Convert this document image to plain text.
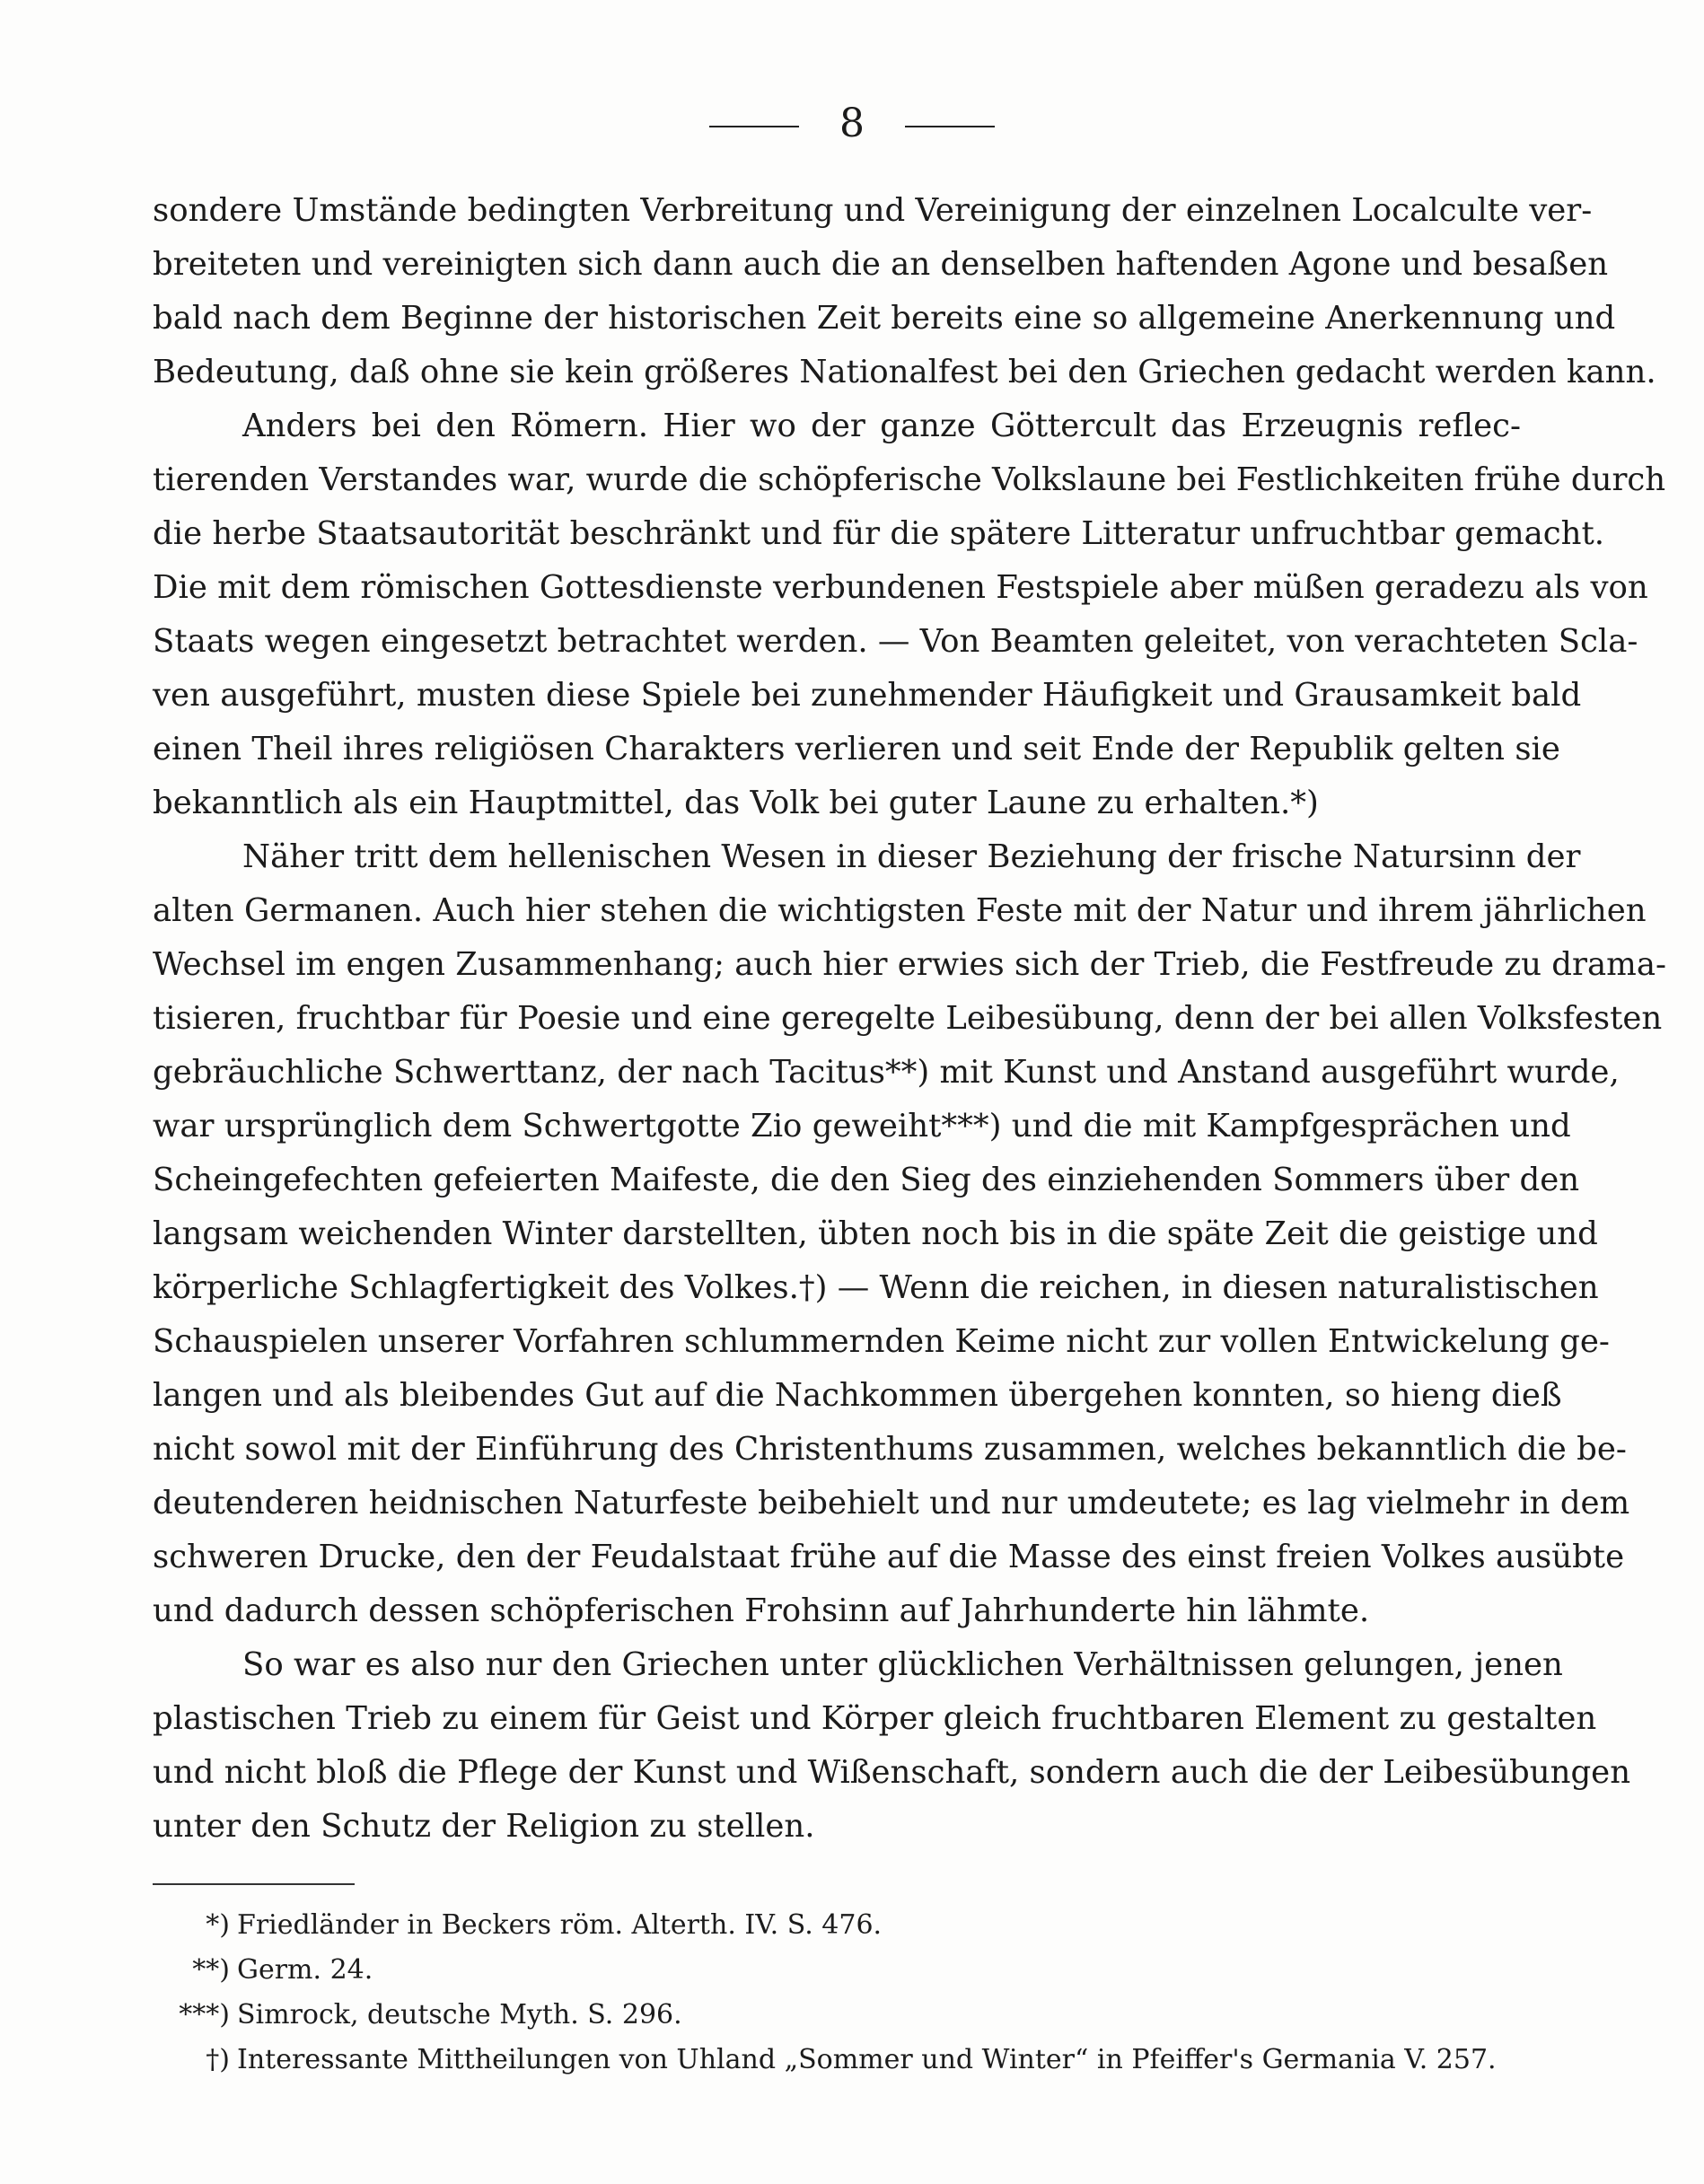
8
sondere Umstände bedingten Verbreitung und Vereinigung der einzelnen Localculte ver-
breiteten und vereinigten sich dann auch die an denselben haftenden Agone und besaßen
bald nach dem Beginne der historischen Zeit bereits eine so allgemeine Anerkennung und
Bedeutung, daß ohne sie kein größeres Nationalfest bei den Griechen gedacht werden kann.
Anders bei den Römern. Hier wo der ganze Göttercult das Erzeugnis reflec-
tierenden Verstandes war, wurde die schöpferische Volkslaune bei Festlichkeiten frühe durch
die herbe Staatsautorität beschränkt und für die spätere Litteratur unfruchtbar gemacht.
Die mit dem römischen Gottesdienste verbundenen Festspiele aber müßen geradezu als von
Staats wegen eingesetzt betrachtet werden. — Von Beamten geleitet, von verachteten Scla-
ven ausgeführt, musten diese Spiele bei zunehmender Häufigkeit und Grausamkeit bald
einen Theil ihres religiösen Charakters verlieren und seit Ende der Republik gelten sie
bekanntlich als ein Hauptmittel, das Volk bei guter Laune zu erhalten.*)
Näher tritt dem hellenischen Wesen in dieser Beziehung der frische Natursinn der
alten Germanen. Auch hier stehen die wichtigsten Feste mit der Natur und ihrem jährlichen
Wechsel im engen Zusammenhang; auch hier erwies sich der Trieb, die Festfreude zu drama-
tisieren, fruchtbar für Poesie und eine geregelte Leibesübung, denn der bei allen Volksfesten
gebräuchliche Schwerttanz, der nach Tacitus**) mit Kunst und Anstand ausgeführt wurde,
war ursprünglich dem Schwertgotte Zio geweiht***) und die mit Kampfgesprächen und
Scheingefechten gefeierten Maifeste, die den Sieg des einziehenden Sommers über den
langsam weichenden Winter darstellten, übten noch bis in die späte Zeit die geistige und
körperliche Schlagfertigkeit des Volkes.†) — Wenn die reichen, in diesen naturalistischen
Schauspielen unserer Vorfahren schlummernden Keime nicht zur vollen Entwickelung ge-
langen und als bleibendes Gut auf die Nachkommen übergehen konnten, so hieng dieß
nicht sowol mit der Einführung des Christenthums zusammen, welches bekanntlich die be-
deutenderen heidnischen Naturfeste beibehielt und nur umdeutete; es lag vielmehr in dem
schweren Drucke, den der Feudalstaat frühe auf die Masse des einst freien Volkes ausübte
und dadurch dessen schöpferischen Frohsinn auf Jahrhunderte hin lähmte.
So war es also nur den Griechen unter glücklichen Verhältnissen gelungen, jenen
plastischen Trieb zu einem für Geist und Körper gleich fruchtbaren Element zu gestalten
und nicht bloß die Pflege der Kunst und Wißenschaft, sondern auch die der Leibesübungen
unter den Schutz der Religion zu stellen.
*) Friedländer in Beckers röm. Alterth. IV. S. 476.
**) Germ. 24.
***) Simrock, deutsche Myth. S. 296.
†) Interessante Mittheilungen von Uhland „Sommer und Winter“ in Pfeiffer's Germania V. 257.
